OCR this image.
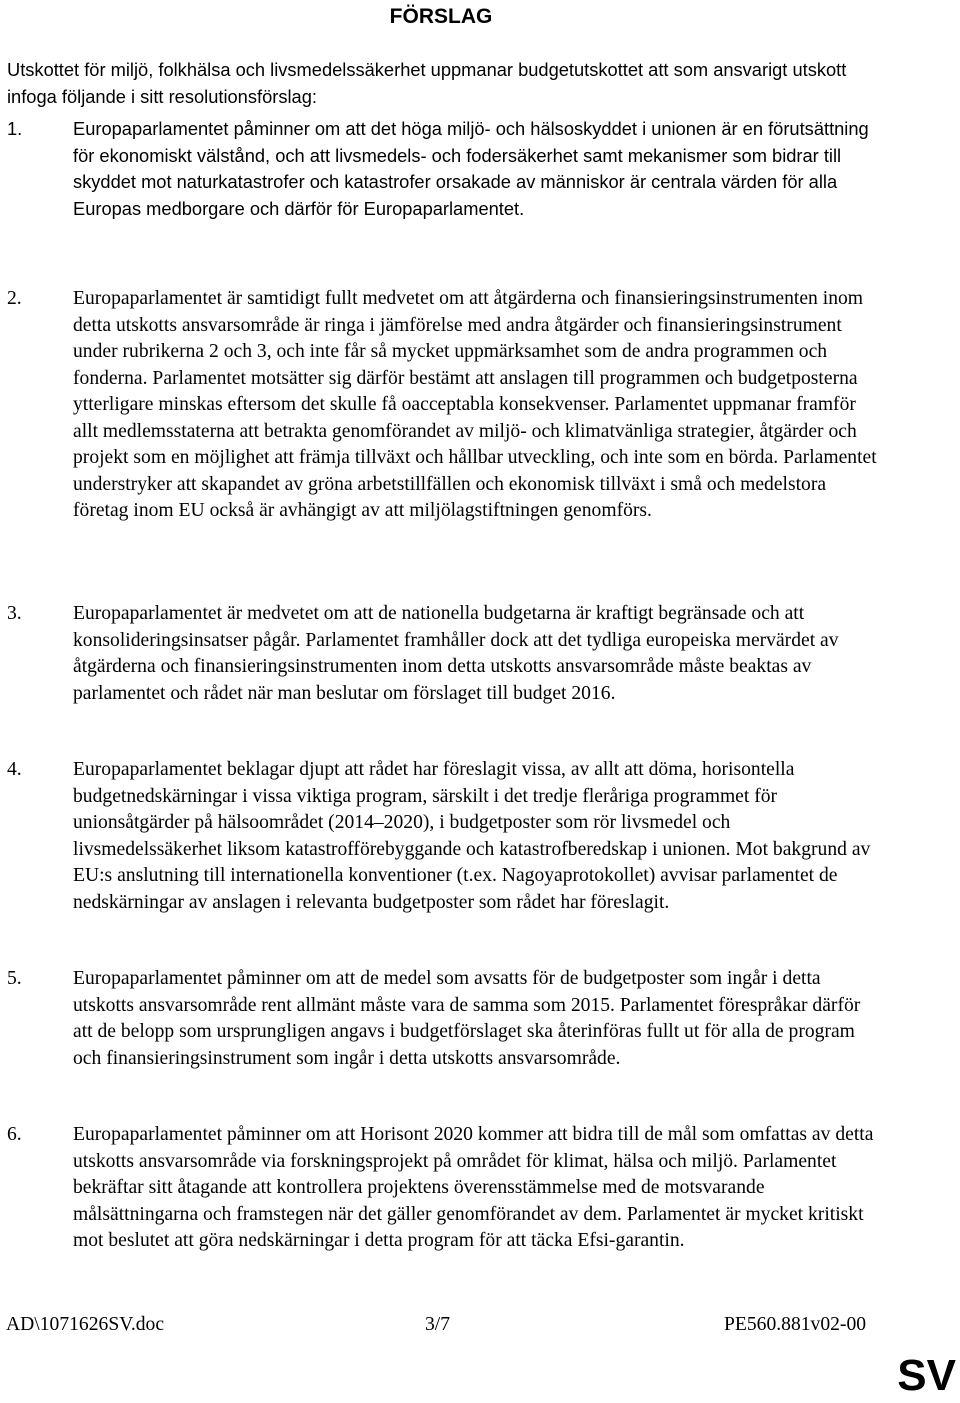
FÖRSLAG
Utskottet för miljö, folkhälsa och livsmedelssäkerhet uppmanar budgetutskottet att som ansvarigt utskott infoga följande i sitt resolutionsförslag:
1.	Europaparlamentet påminner om att det höga miljö- och hälsoskyddet i unionen är en förutsättning för ekonomiskt välstånd, och att livsmedels- och fodersäkerhet samt mekanismer som bidrar till skyddet mot naturkatastrofer och katastrofer orsakade av människor är centrala värden för alla Europas medborgare och därför för Europaparlamentet.
2.	Europaparlamentet är samtidigt fullt medvetet om att åtgärderna och finansieringsinstrumenten inom detta utskotts ansvarsområde är ringa i jämförelse med andra åtgärder och finansieringsinstrument under rubrikerna 2 och 3, och inte får så mycket uppmärksamhet som de andra programmen och fonderna. Parlamentet motsätter sig därför bestämt att anslagen till programmen och budgetposterna ytterligare minskas eftersom det skulle få oacceptabla konsekvenser. Parlamentet uppmanar framför allt medlemsstaterna att betrakta genomförandet av miljö- och klimatvänliga strategier, åtgärder och projekt som en möjlighet att främja tillväxt och hållbar utveckling, och inte som en börda. Parlamentet understryker att skapandet av gröna arbetstillfällen och ekonomisk tillväxt i små och medelstora företag inom EU också är avhängigt av att miljölagstiftningen genomförs.
3.	Europaparlamentet är medvetet om att de nationella budgetarna är kraftigt begränsade och att konsolideringsinsatser pågår. Parlamentet framhåller dock att det tydliga europeiska mervärdet av åtgärderna och finansieringsinstrumenten inom detta utskotts ansvarsområde måste beaktas av parlamentet och rådet när man beslutar om förslaget till budget 2016.
4.	Europaparlamentet beklagar djupt att rådet har föreslagit vissa, av allt att döma, horisontella budgetnedskärningar i vissa viktiga program, särskilt i det tredje fleråriga programmet för unionsåtgärder på hälsoområdet (2014–2020), i budgetposter som rör livsmedel och livsmedelssäkerhet liksom katastrofförebyggande och katastrofberedskap i unionen. Mot bakgrund av EU:s anslutning till internationella konventioner (t.ex. Nagoyaprotokollet) avvisar parlamentet de nedskärningar av anslagen i relevanta budgetposter som rådet har föreslagit.
5.	Europaparlamentet påminner om att de medel som avsatts för de budgetposter som ingår i detta utskotts ansvarsområde rent allmänt måste vara de samma som 2015. Parlamentet förespråkar därför att de belopp som ursprungligen angavs i budgetförslaget ska återinföras fullt ut för alla de program och finansieringsinstrument som ingår i detta utskotts ansvarsområde.
6.	Europaparlamentet påminner om att Horisont 2020 kommer att bidra till de mål som omfattas av detta utskotts ansvarsområde via forskningsprojekt på området för klimat, hälsa och miljö. Parlamentet bekräftar sitt åtagande att kontrollera projektens överensstämmelse med de motsvarande målsättningarna och framstegen när det gäller genomförandet av dem. Parlamentet är mycket kritiskt mot beslutet att göra nedskärningar i detta program för att täcka Efsi-garantin.
AD\1071626SV.doc	3/7	PE560.881v02-00
SV
